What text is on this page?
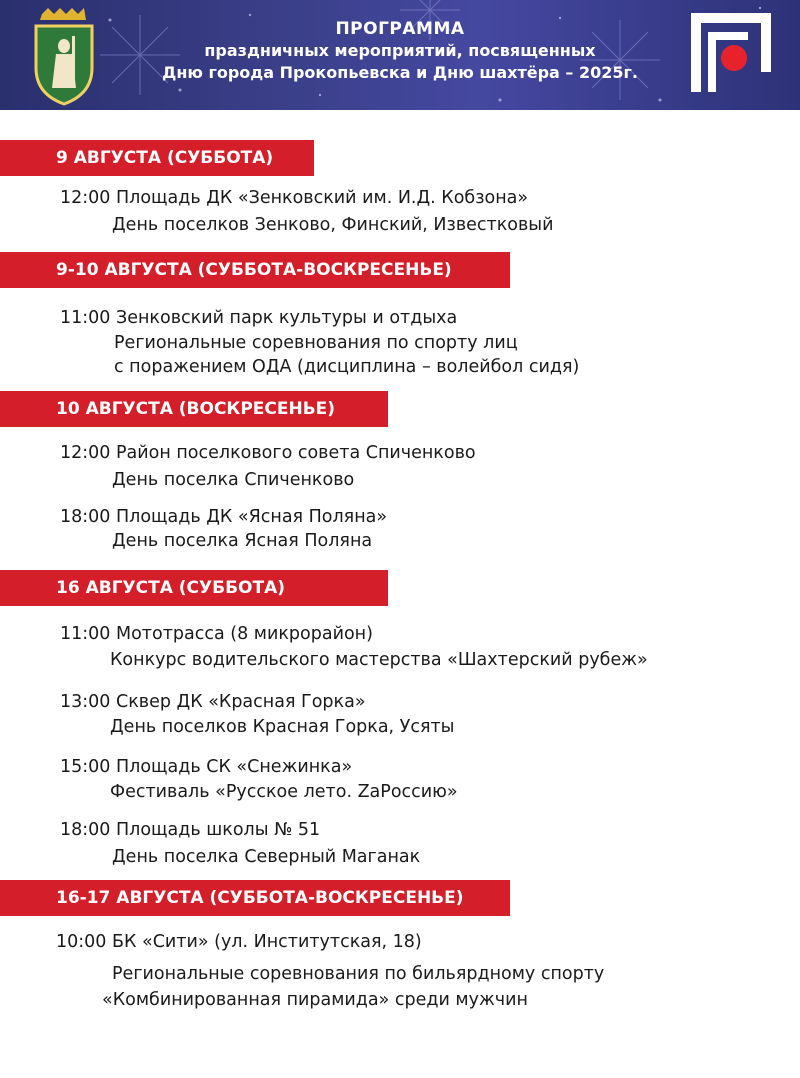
ПРОГРАММА
праздничных мероприятий, посвященных
Дню города Прокопьевска и Дню шахтёра – 2025г.
9 АВГУСТА (СУББОТА)
12:00 Площадь ДК «Зенковский им. И.Д. Кобзона»
День поселков Зенково, Финский, Известковый
9-10 АВГУСТА (СУББОТА-ВОСКРЕСЕНЬЕ)
11:00 Зенковский парк культуры и отдыха
Региональные соревнования по спорту лиц
с поражением ОДА (дисциплина – волейбол сидя)
10 АВГУСТА (ВОСКРЕСЕНЬЕ)
12:00 Район поселкового совета Спиченково
День поселка Спиченково
18:00 Площадь ДК «Ясная Поляна»
День поселка Ясная Поляна
16 АВГУСТА (СУББОТА)
11:00 Мототрасса (8 микрорайон)
Конкурс водительского мастерства «Шахтерский рубеж»
13:00 Сквер ДК «Красная Горка»
День поселков Красная Горка, Усяты
15:00 Площадь СК «Снежинка»
Фестиваль «Русское лето. ZaРоссию»
18:00 Площадь школы № 51
День поселка Северный Маганак
16-17 АВГУСТА (СУББОТА-ВОСКРЕСЕНЬЕ)
10:00 БК «Сити» (ул. Институтская, 18)
Региональные соревнования по бильярдному спорту
«Комбинированная пирамида» среди мужчин
